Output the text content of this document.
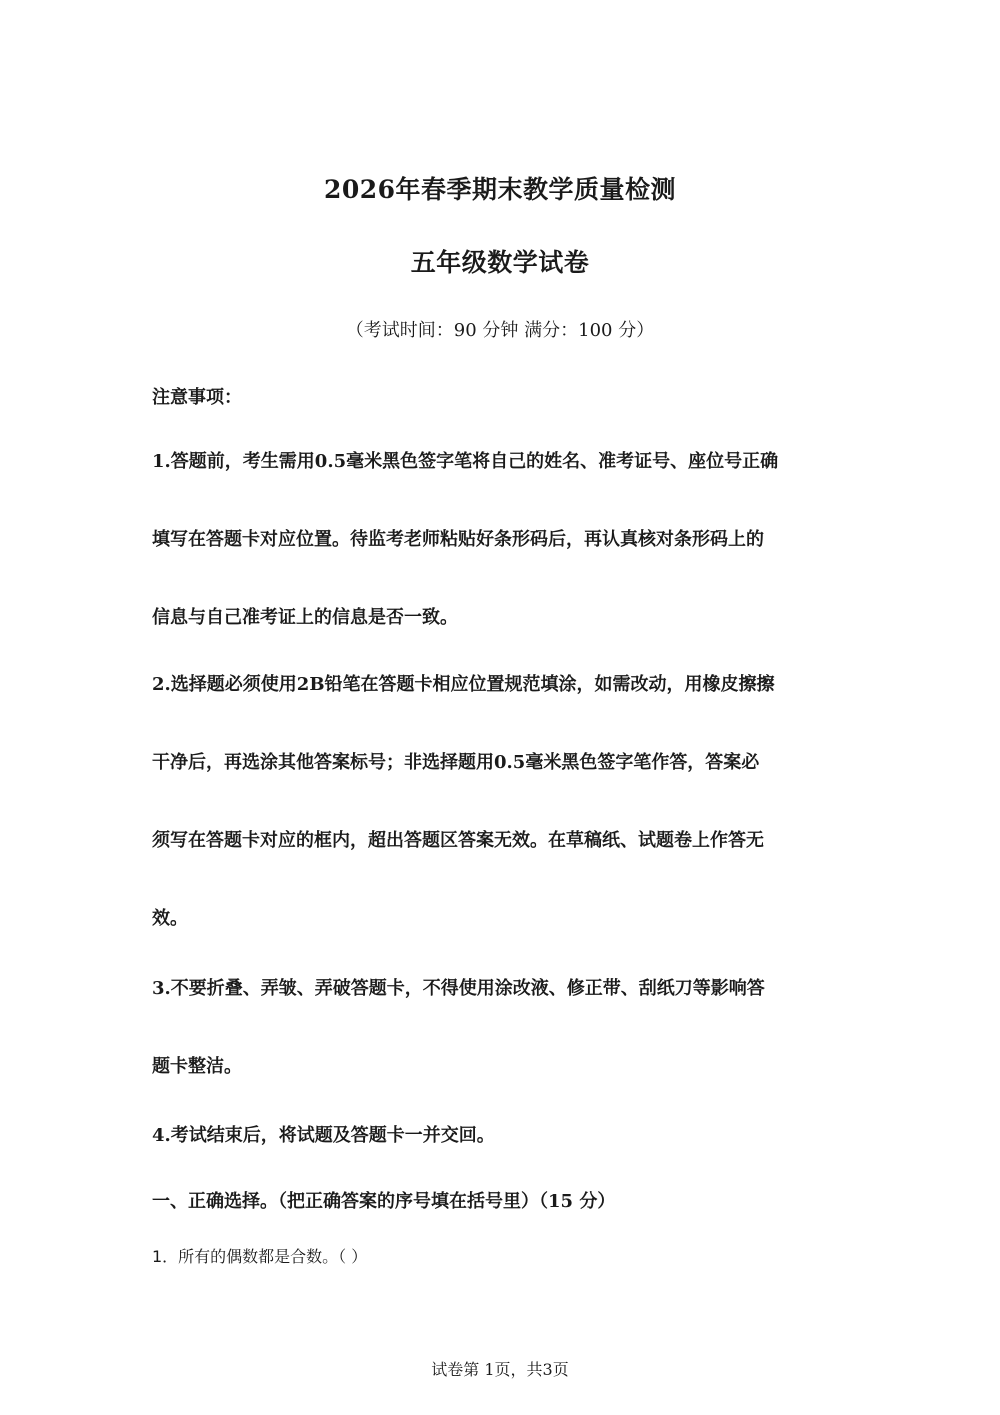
2026年春季期末教学质量检测
五年级数学试卷
（考试时间：90 分钟 满分：100 分）
注意事项：

1.答题前，考生需用0.5毫米黑色签字笔将自己的姓名、准考证号、座位号正确
填写在答题卡对应位置。待监考老师粘贴好条形码后，再认真核对条形码上的
信息与自己准考证上的信息是否一致。

2.选择题必须使用2B铅笔在答题卡相应位置规范填涂，如需改动，用橡皮擦擦
干净后，再选涂其他答案标号；非选择题用0.5毫米黑色签字笔作答，答案必
须写在答题卡对应的框内，超出答题区答案无效。在草稿纸、试题卷上作答无
效。

3.不要折叠、弄皱、弄破答题卡，不得使用涂改液、修正带、刮纸刀等影响答
题卡整洁。

4.考试结束后，将试题及答题卡一并交回。

一、正确选择。（把正确答案的序号填在括号里）（15 分）
1．所有的偶数都是合数。（ ）
试卷第 1页，共3页
